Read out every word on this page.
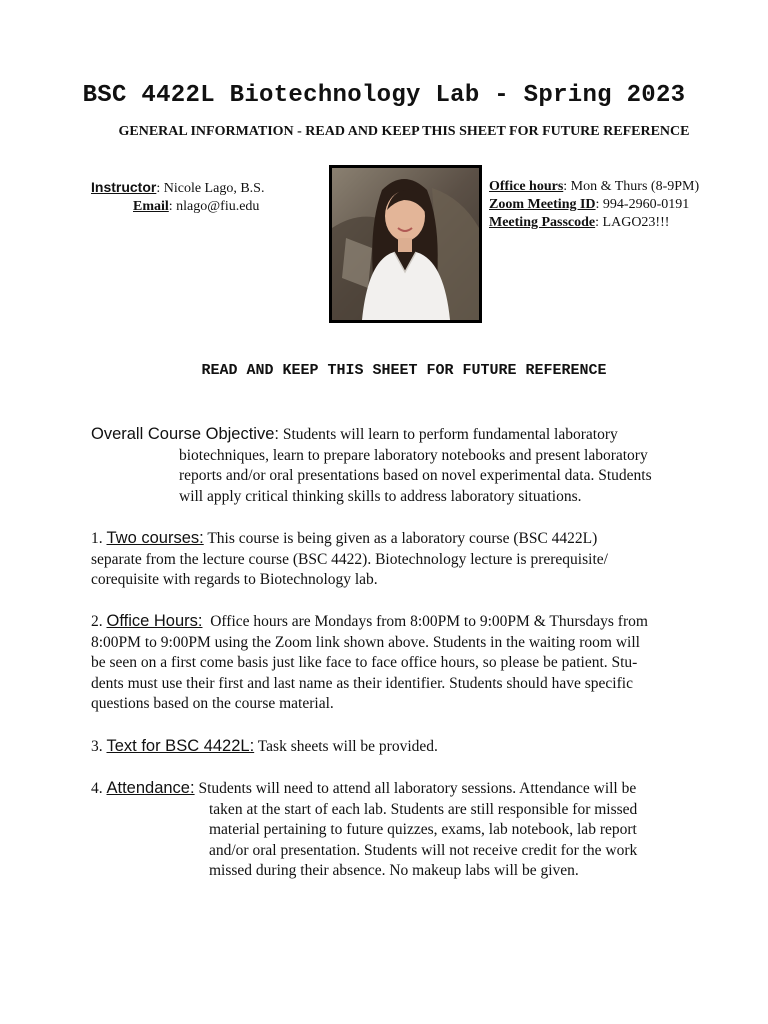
BSC 4422L Biotechnology Lab - Spring 2023
GENERAL INFORMATION - READ AND KEEP THIS SHEET FOR FUTURE REFERENCE
Instructor: Nicole Lago, B.S.
Email: nlago@fiu.edu
Office hours: Mon & Thurs (8-9PM)
Zoom Meeting ID: 994-2960-0191
Meeting Passcode: LAGO23!!!
READ AND KEEP THIS SHEET FOR FUTURE REFERENCE
Overall Course Objective: Students will learn to perform fundamental laboratory
biotechniques, learn to prepare laboratory notebooks and present laboratory
reports and/or oral presentations based on novel experimental data. Students
will apply critical thinking skills to address laboratory situations.
1. Two courses: This course is being given as a laboratory course (BSC 4422L)
separate from the lecture course (BSC 4422). Biotechnology lecture is prerequisite/
corequisite with regards to Biotechnology lab.
2. Office Hours:  Office hours are Mondays from 8:00PM to 9:00PM & Thursdays from
8:00PM to 9:00PM using the Zoom link shown above. Students in the waiting room will
be seen on a first come basis just like face to face office hours, so please be patient. Stu-
dents must use their first and last name as their identifier. Students should have specific
questions based on the course material.
3. Text for BSC 4422L: Task sheets will be provided.
4. Attendance: Students will need to attend all laboratory sessions. Attendance will be
taken at the start of each lab. Students are still responsible for missed
material pertaining to future quizzes, exams, lab notebook, lab report
and/or oral presentation. Students will not receive credit for the work
missed during their absence. No makeup labs will be given.
